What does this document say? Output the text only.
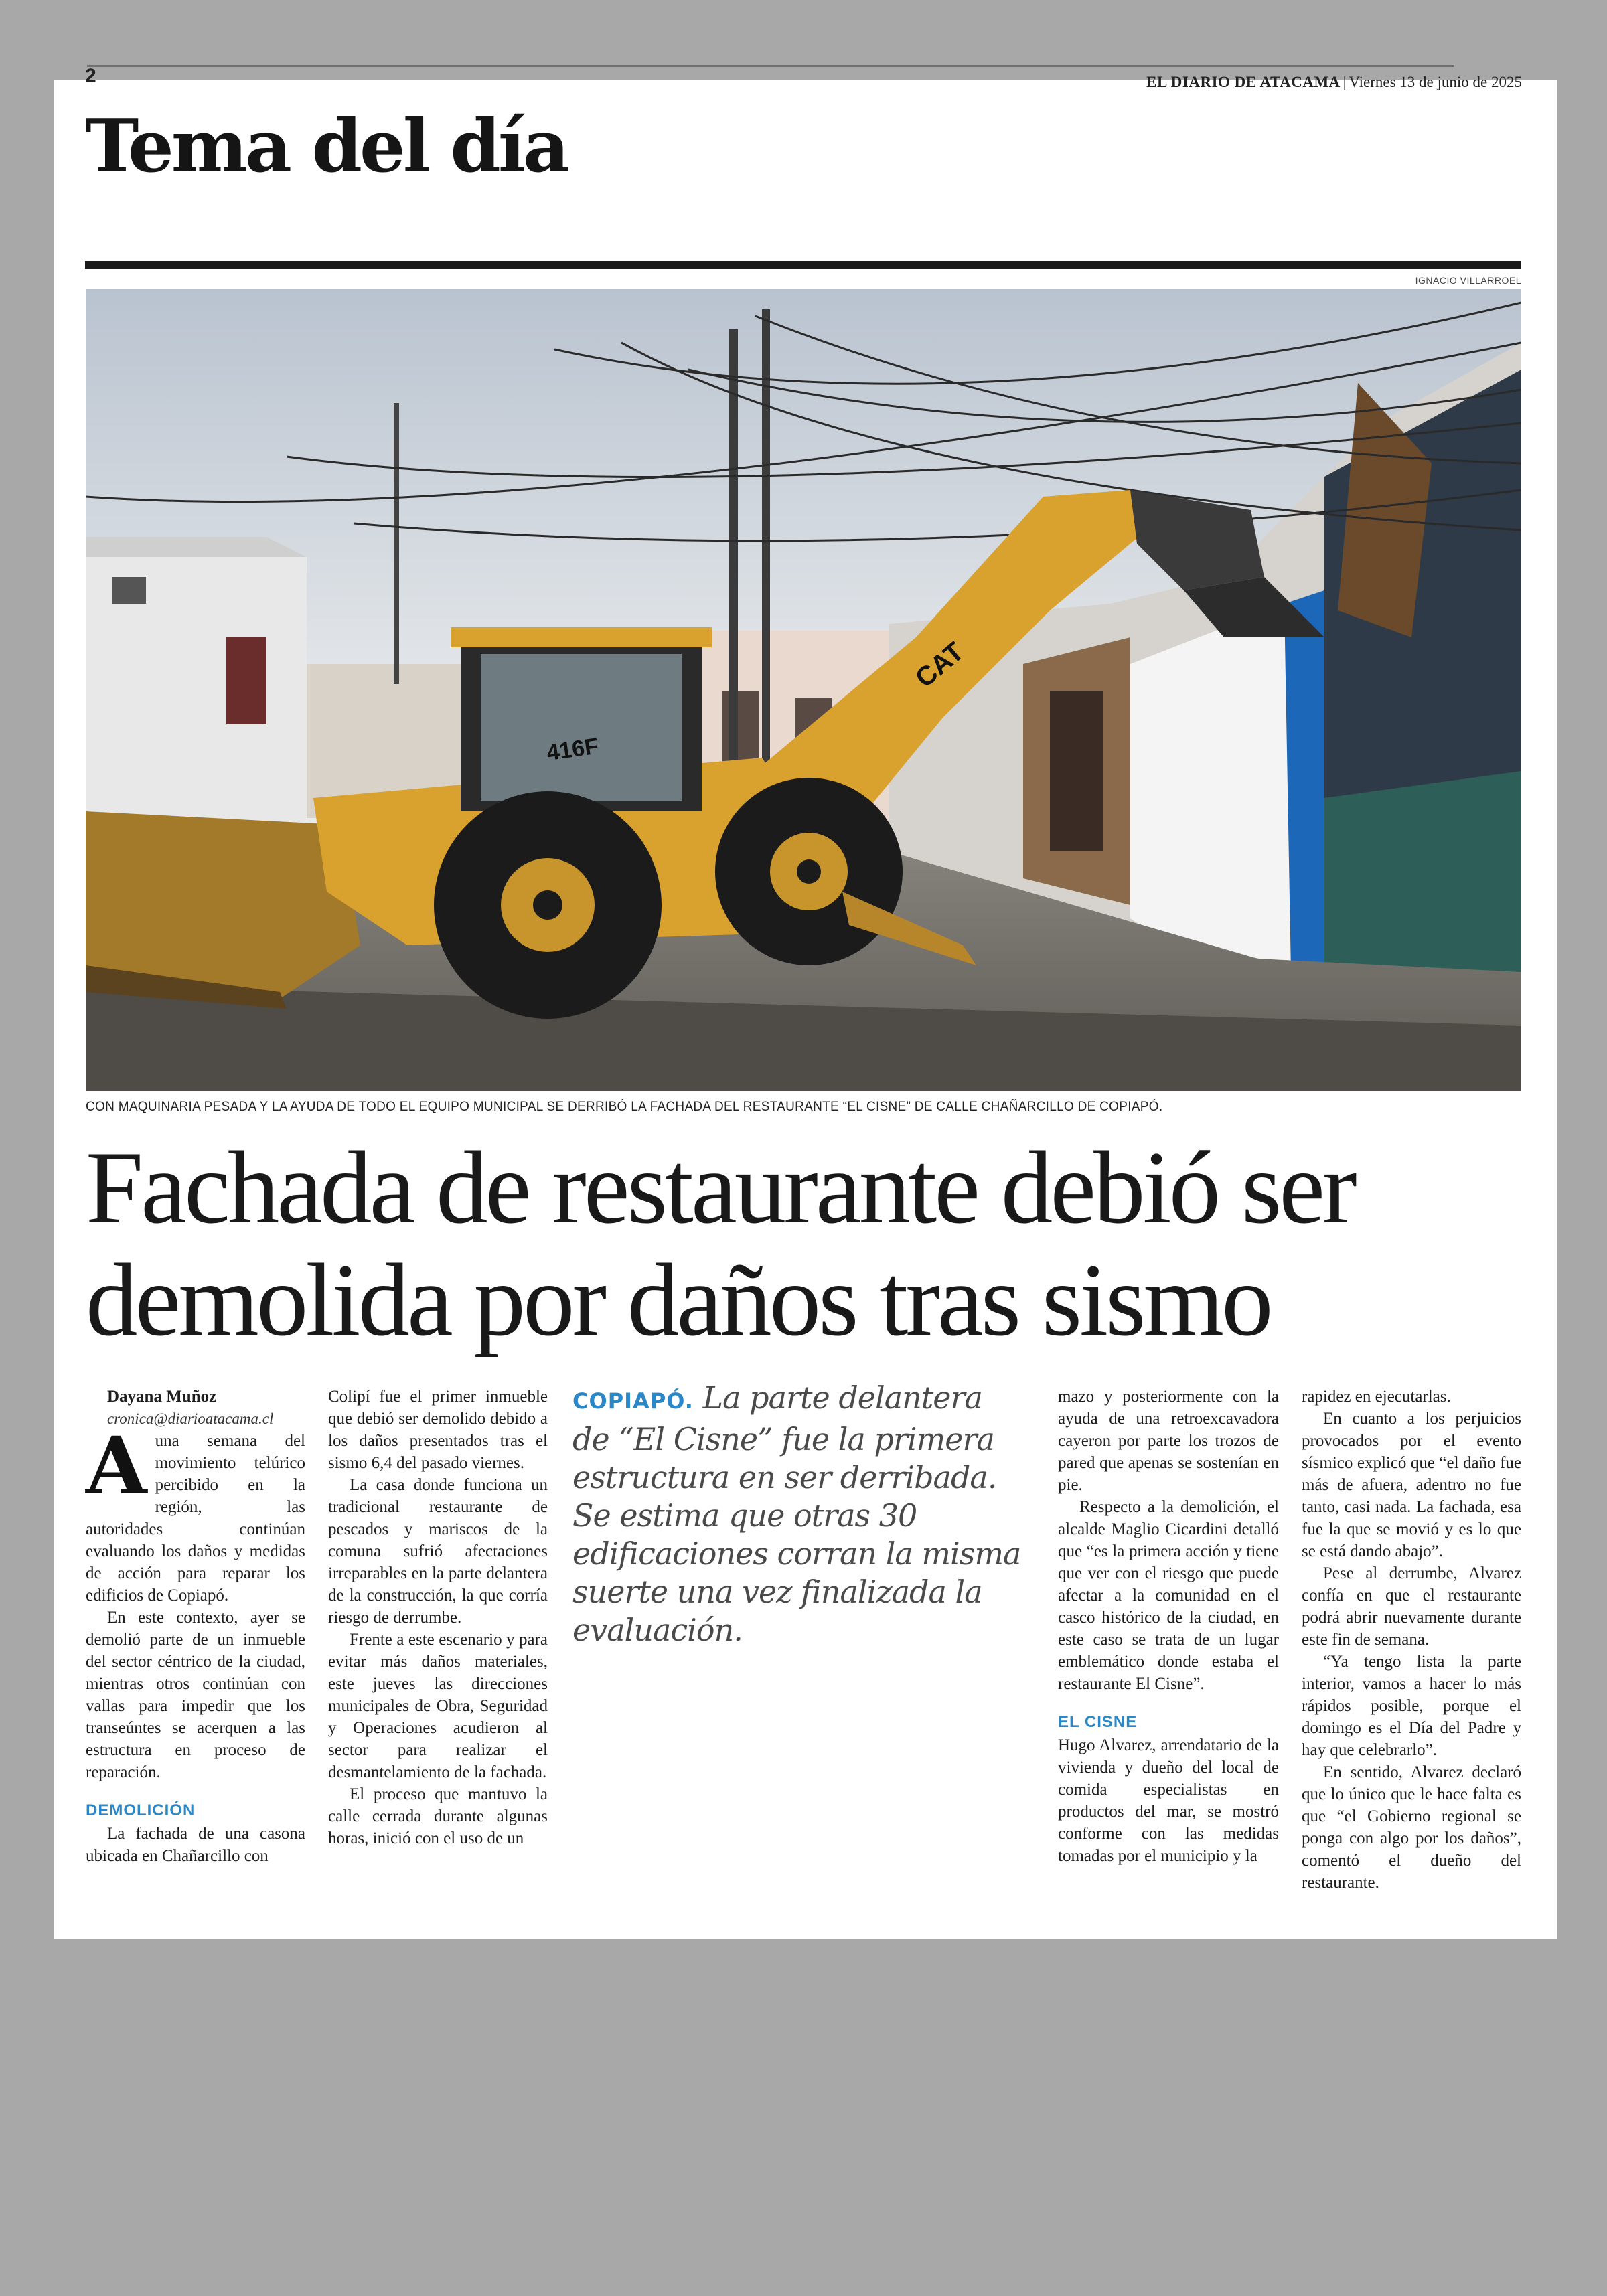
2	EL DIARIO DE ATACAMA | Viernes 13 de junio de 2025
Tema del día
IGNACIO VILLARROEL
416F
CAT
CON MAQUINARIA PESADA Y LA AYUDA DE TODO EL EQUIPO MUNICIPAL SE DERRIBÓ LA FACHADA DEL RESTAURANTE “EL CISNE” DE CALLE CHAÑARCILLO DE COPIAPÓ.
Fachada de restaurante debió ser
demolida por daños tras sismo

Dayana Muñoz

cronica@diarioatacama.cl

Auna semana del movimiento telúrico percibido en la región, las autoridades continúan evaluando los daños y medidas de acción para reparar los edificios de Copiapó.

En este contexto, ayer se demolió parte de un inmueble del sector céntrico de la ciudad, mientras otros continúan con vallas para impedir que los transeúntes se acerquen a las estructura en proceso de reparación.

DEMOLICIÓN

La fachada de una casona ubicada en Chañarcillo con

Colipí fue el primer inmueble que debió ser demolido debido a los daños presentados tras el sismo 6,4 del pasado viernes.

La casa donde funciona un tradicional restaurante de pescados y mariscos de la comuna sufrió afectaciones irreparables en la parte delantera de la construcción, la que corría riesgo de derrumbe.

Frente a este escenario y para evitar más daños materiales, este jueves las direcciones municipales de Obra, Seguridad y Operaciones acudieron al sector para realizar el desmantelamiento de la fachada.

El proceso que mantuvo la calle cerrada durante algunas horas, inició con el uso de un

COPIAPÓ. La parte delantera de “El Cisne” fue la primera estructura en ser derribada. Se estima que otras 30 edificaciones corran la misma suerte una vez finalizada la evaluación.

mazo y posteriormente con la ayuda de una retroexcavadora cayeron por parte los trozos de pared que apenas se sostenían en pie.

Respecto a la demolición, el alcalde Maglio Cicardini detalló que “es la primera acción y tiene que ver con el riesgo que puede afectar a la comunidad en el casco histórico de la ciudad, en este caso se trata de un lugar emblemático donde estaba el restaurante El Cisne”.

EL CISNE

Hugo Alvarez, arrendatario de la vivienda y dueño del local de comida especialistas en productos del mar, se mostró conforme con las medidas tomadas por el municipio y la

rapidez en ejecutarlas.

En cuanto a los perjuicios provocados por el evento sísmico explicó que “el daño fue más de afuera, adentro no fue tanto, casi nada. La fachada, esa fue la que se movió y es lo que se está dando abajo”.

Pese al derrumbe, Alvarez confía en que el restaurante podrá abrir nuevamente durante este fin de semana.

“Ya tengo lista la parte interior, vamos a hacer lo más rápidos posible, porque el domingo es el Día del Padre y hay que celebrarlo”.

En sentido, Alvarez declaró que lo único que le hace falta es que “el Gobierno regional se ponga con algo por los daños”, comentó el dueño del restaurante.
